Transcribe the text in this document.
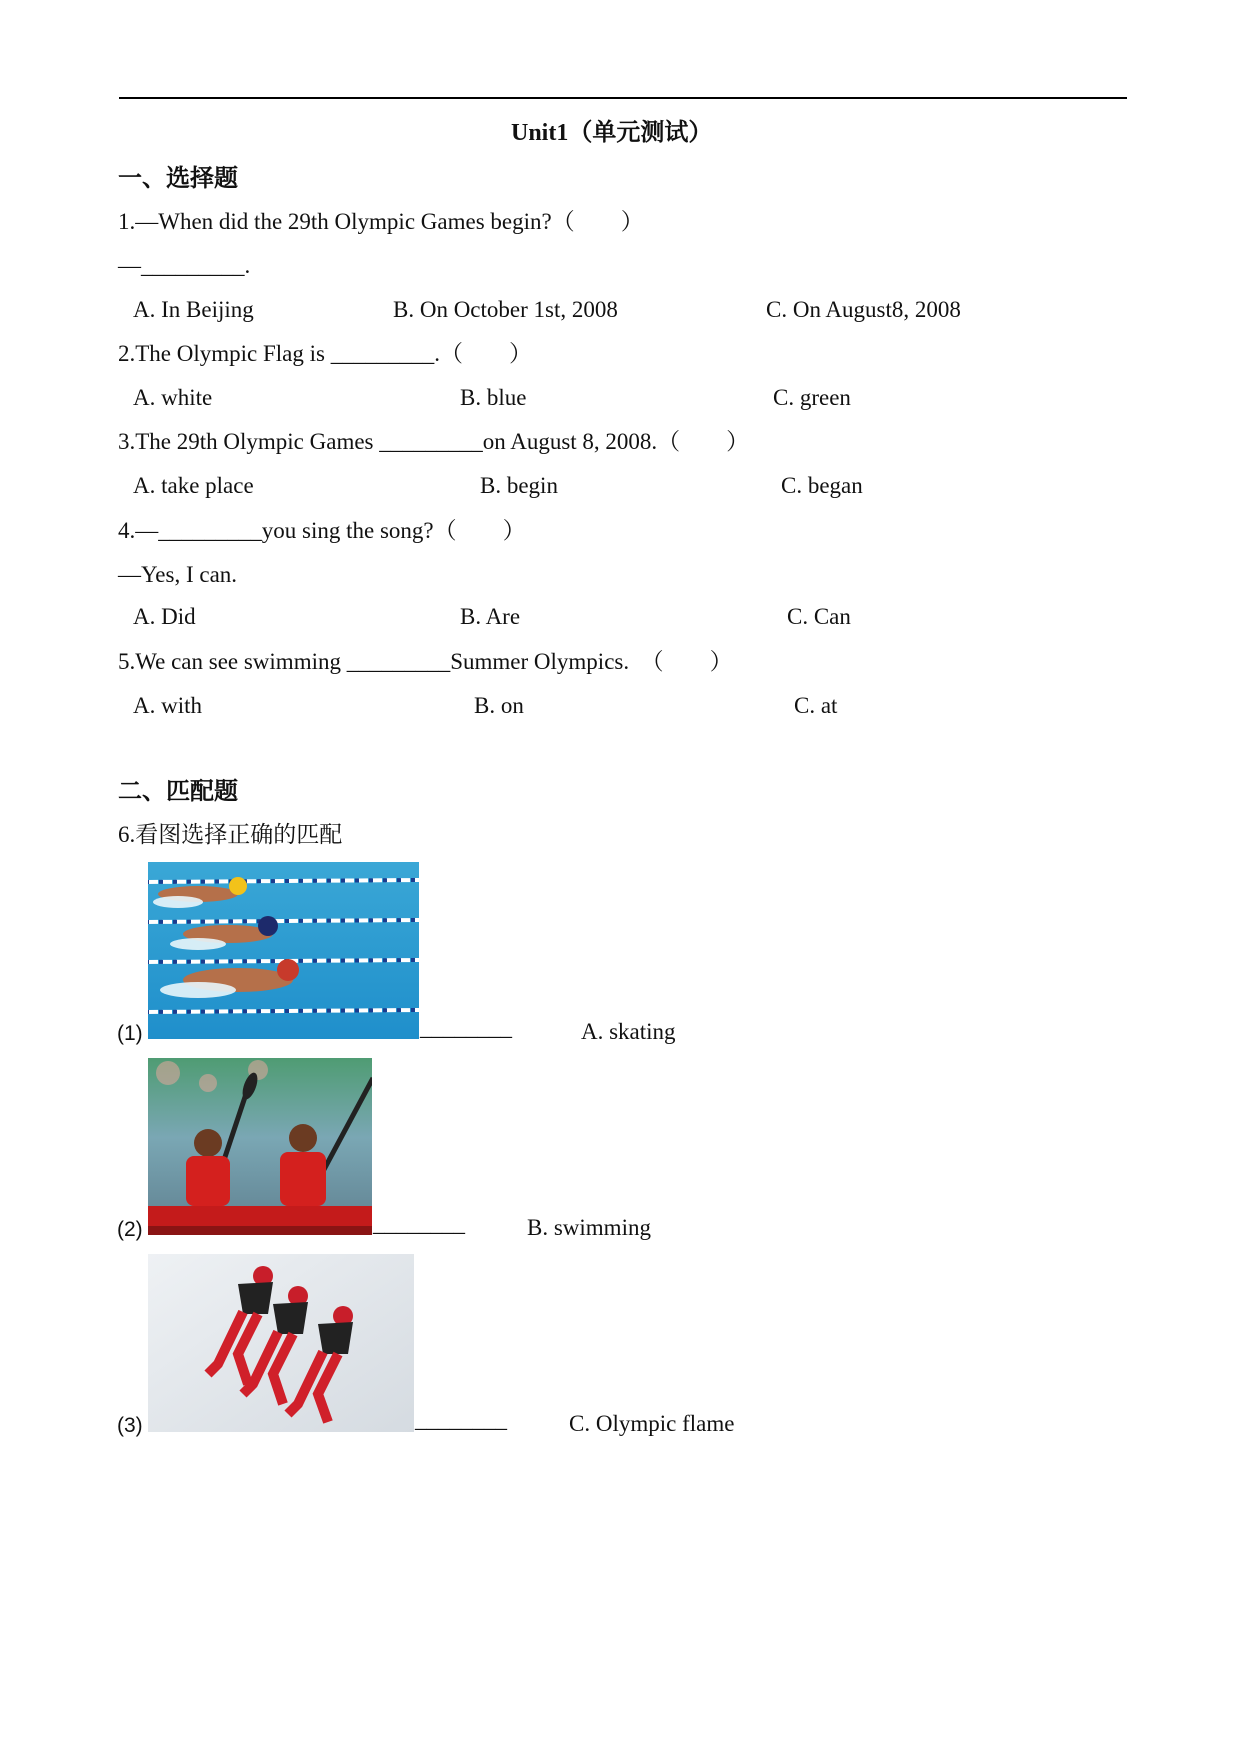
Unit1（单元测试）
一、选择题
1.—When did the 29th Olympic Games begin?（　　）
—_________.
A. In Beijing	B. On October 1st, 2008	C. On August8, 2008
2.The Olympic Flag is _________.（　　）
A. white	B. blue	C. green
3.The 29th Olympic Games _________on August 8, 2008.（　　）
A. take place	B. begin	C. began
4.—_________you sing the song?（　　）
—Yes, I can.
A. Did	B. Are	C. Can
5.We can see swimming _________Summer Olympics.　（　　）
A. with	B. on	C. at
二、匹配题
6.看图选择正确的匹配
(1)	________	A. skating
(2)	________	B. swimming
(3)	________	C. Olympic flame
